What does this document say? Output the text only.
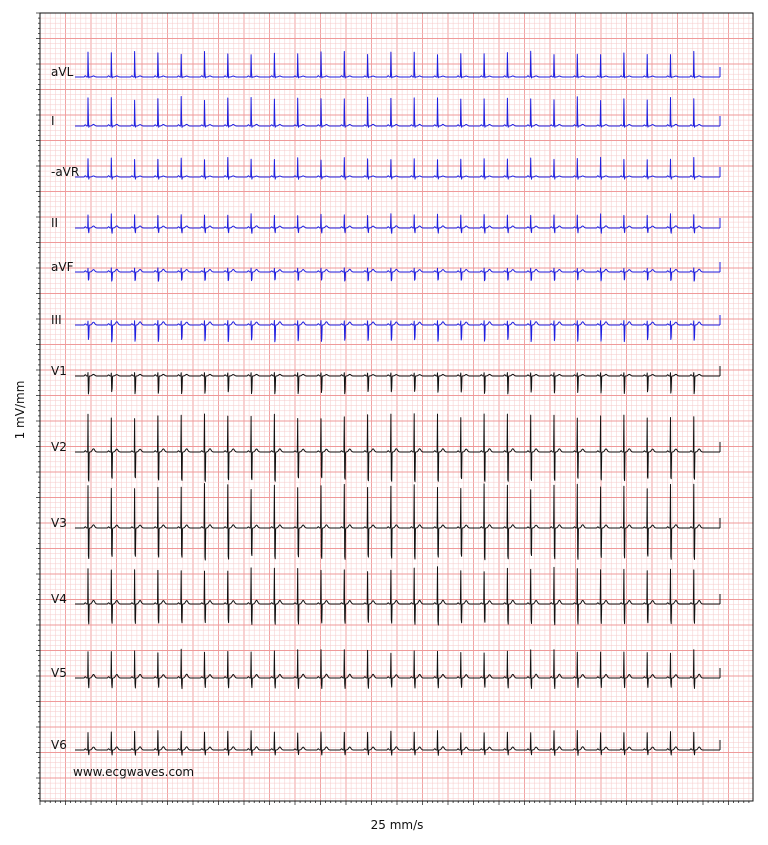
aVL
I
-aVR
II
aVF
III
V1
V2
V3
V4
V5
V6
www.ecgwaves.com
25 mm/s
1 mV/mm
